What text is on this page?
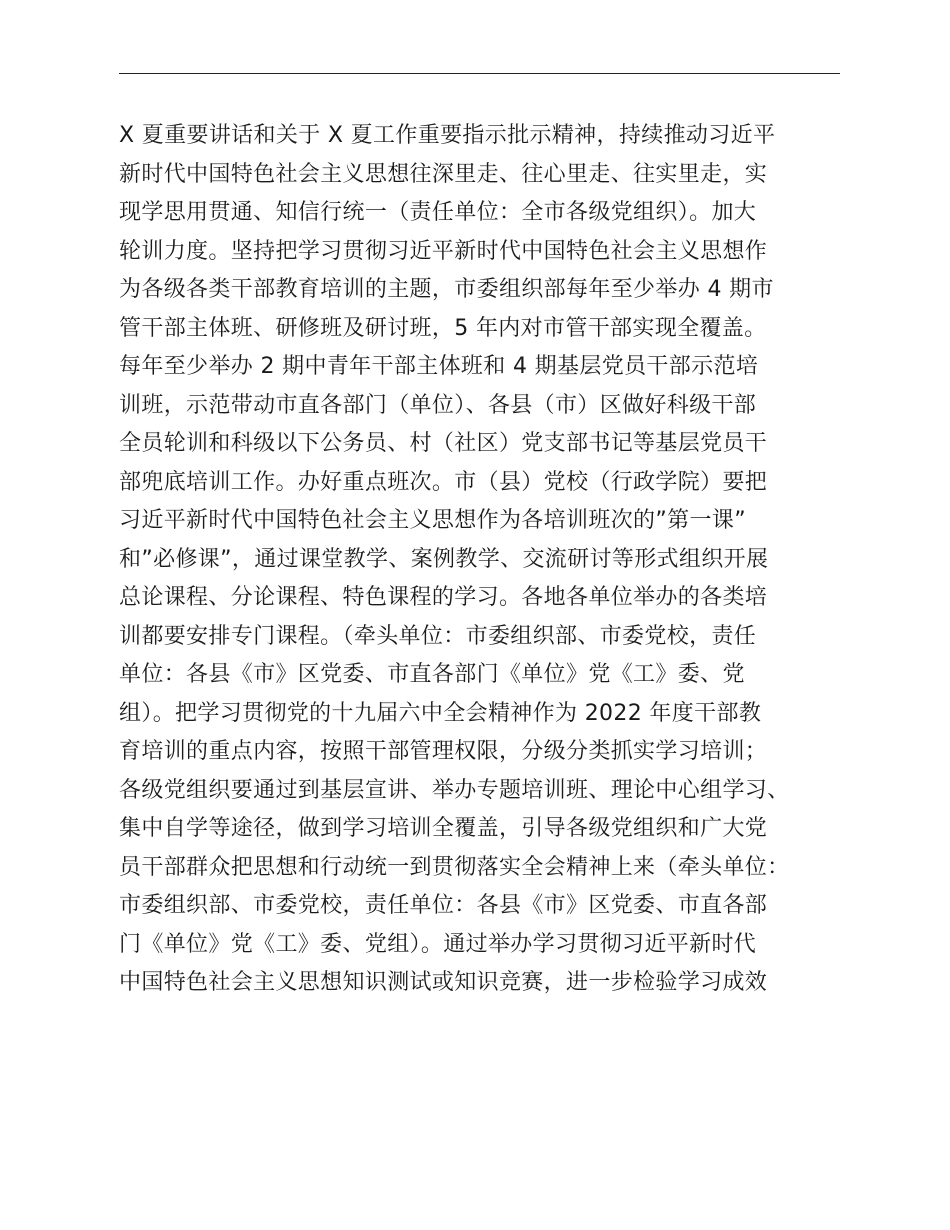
X 夏重要讲话和关于 X 夏工作重要指示批示精神，持续推动习近平
新时代中国特色社会主义思想往深里走、往心里走、往实里走，实
现学思用贯通、知信行统一（责任单位：全市各级党组织）。加大
轮训力度。坚持把学习贯彻习近平新时代中国特色社会主义思想作
为各级各类干部教育培训的主题，市委组织部每年至少举办 4 期市
管干部主体班、研修班及研讨班，5 年内对市管干部实现全覆盖。
每年至少举办 2 期中青年干部主体班和 4 期基层党员干部示范培
训班，示范带动市直各部门（单位）、各县（市）区做好科级干部
全员轮训和科级以下公务员、村（社区）党支部书记等基层党员干
部兜底培训工作。办好重点班次。市（县）党校（行政学院）要把
习近平新时代中国特色社会主义思想作为各培训班次的”第一课”
和”必修课”，通过课堂教学、案例教学、交流研讨等形式组织开展
总论课程、分论课程、特色课程的学习。各地各单位举办的各类培
训都要安排专门课程。（牵头单位：市委组织部、市委党校，责任
单位：各县《市》区党委、市直各部门《单位》党《工》委、党
组）。把学习贯彻党的十九届六中全会精神作为 2022 年度干部教
育培训的重点内容，按照干部管理权限，分级分类抓实学习培训；
各级党组织要通过到基层宣讲、举办专题培训班、理论中心组学习、
集中自学等途径，做到学习培训全覆盖，引导各级党组织和广大党
员干部群众把思想和行动统一到贯彻落实全会精神上来（牵头单位：
市委组织部、市委党校，责任单位：各县《市》区党委、市直各部
门《单位》党《工》委、党组）。通过举办学习贯彻习近平新时代
中国特色社会主义思想知识测试或知识竞赛，进一步检验学习成效
